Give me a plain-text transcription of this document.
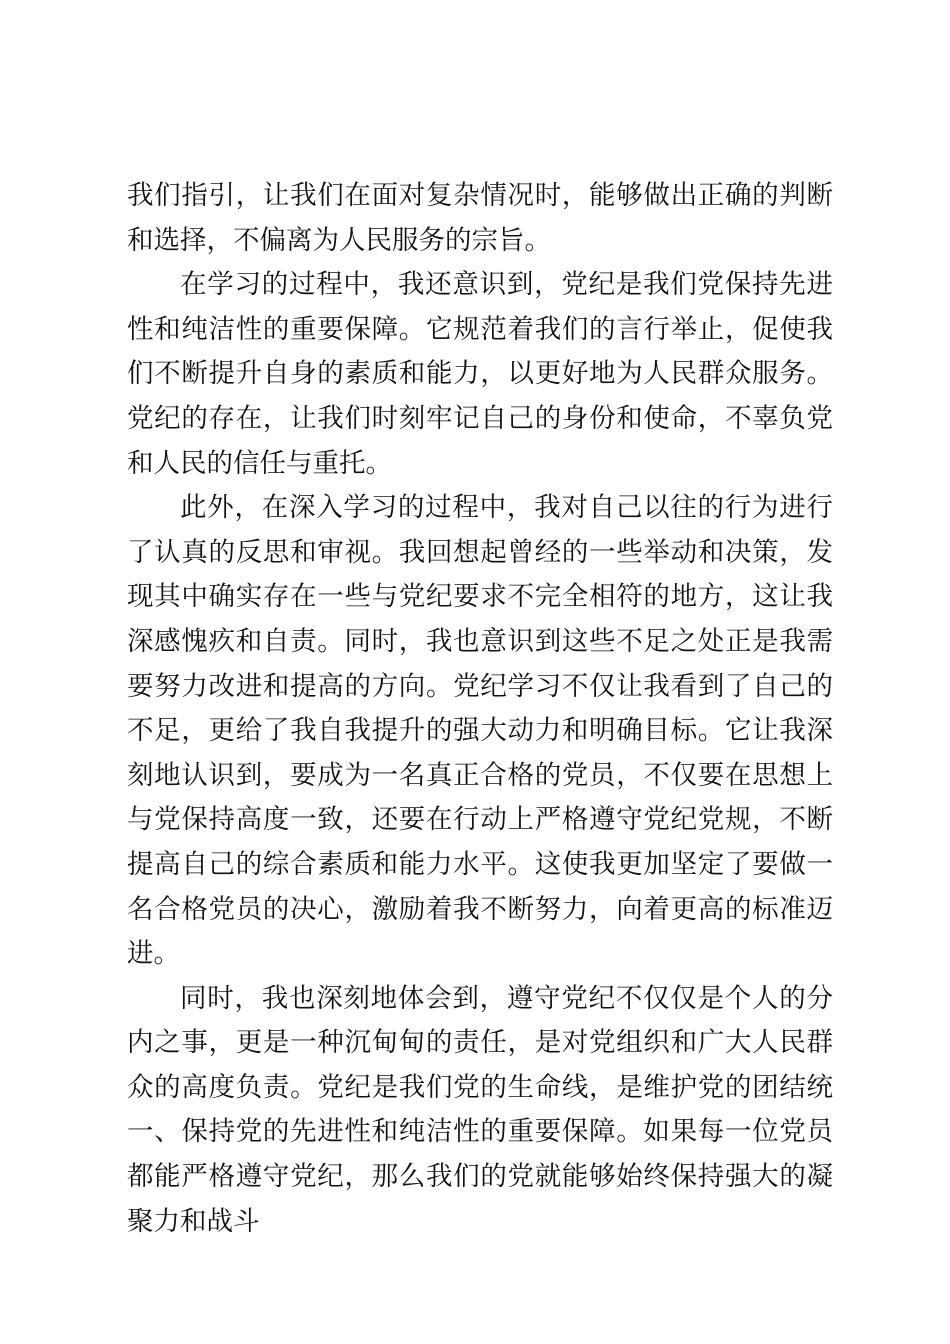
我们指引，让我们在面对复杂情况时，能够做出正确的判断和选择，不偏离为人民服务的宗旨。

在学习的过程中，我还意识到，党纪是我们党保持先进性和纯洁性的重要保障。它规范着我们的言行举止，促使我们不断提升自身的素质和能力，以更好地为人民群众服务。党纪的存在，让我们时刻牢记自己的身份和使命，不辜负党和人民的信任与重托。

此外，在深入学习的过程中，我对自己以往的行为进行了认真的反思和审视。我回想起曾经的一些举动和决策，发现其中确实存在一些与党纪要求不完全相符的地方，这让我深感愧疚和自责。同时，我也意识到这些不足之处正是我需要努力改进和提高的方向。党纪学习不仅让我看到了自己的不足，更给了我自我提升的强大动力和明确目标。它让我深刻地认识到，要成为一名真正合格的党员，不仅要在思想上与党保持高度一致，还要在行动上严格遵守党纪党规，不断提高自己的综合素质和能力水平。这使我更加坚定了要做一名合格党员的决心，激励着我不断努力，向着更高的标准迈进。

同时，我也深刻地体会到，遵守党纪不仅仅是个人的分内之事，更是一种沉甸甸的责任，是对党组织和广大人民群众的高度负责。党纪是我们党的生命线，是维护党的团结统一、保持党的先进性和纯洁性的重要保障。如果每一位党员都能严格遵守党纪，那么我们的党就能够始终保持强大的凝聚力和战斗
